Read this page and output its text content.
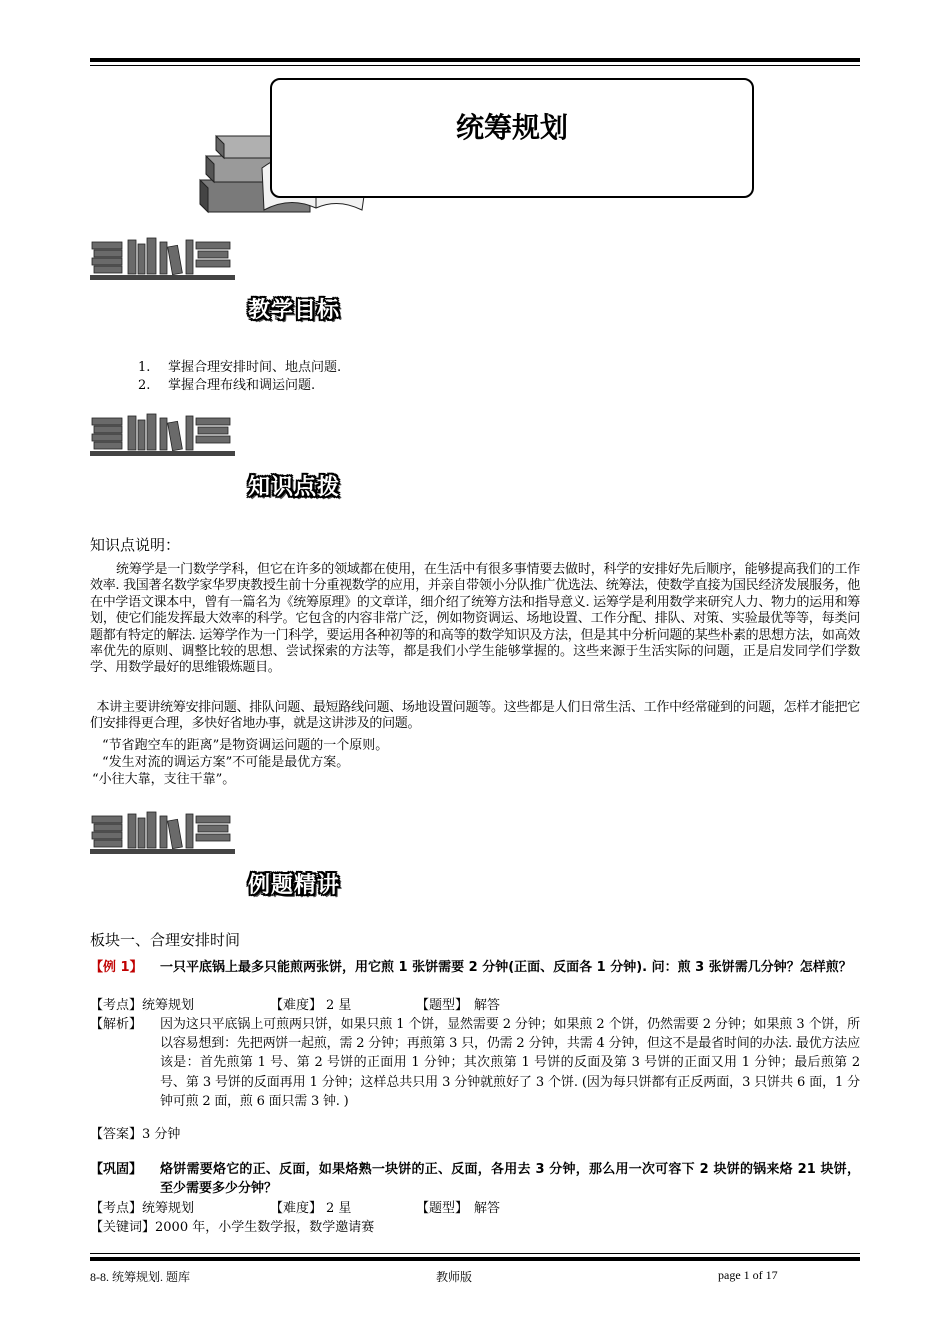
统筹规划
教学目标
1. 掌握合理安排时间、地点问题.
2. 掌握合理布线和调运问题.
知识点拨
知识点说明：
统筹学是一门数学学科，但它在许多的领域都在使用，在生活中有很多事情要去做时，科学的安排好先后顺序，能够提高我们的工作效率. 我国著名数学家华罗庚教授生前十分重视数学的应用，并亲自带领小分队推广优选法、统筹法，使数学直接为国民经济发展服务，他在中学语文课本中，曾有一篇名为《统筹原理》的文章详，细介绍了统筹方法和指导意义. 运筹学是利用数学来研究人力、物力的运用和筹划，使它们能发挥最大效率的科学。它包含的内容非常广泛，例如物资调运、场地设置、工作分配、排队、对策、实验最优等等，每类问题都有特定的解法. 运筹学作为一门科学，要运用各种初等的和高等的数学知识及方法，但是其中分析问题的某些朴素的思想方法，如高效率优先的原则、调整比较的思想、尝试探索的方法等，都是我们小学生能够掌握的。这些来源于生活实际的问题，正是启发同学们学数学、用数学最好的思维锻炼题目。
本讲主要讲统筹安排问题、排队问题、最短路线问题、场地设置问题等。这些都是人们日常生活、工作中经常碰到的问题，怎样才能把它们安排得更合理，多快好省地办事，就是这讲涉及的问题。
“节省跑空车的距离”是物资调运问题的一个原则。
“发生对流的调运方案”不可能是最优方案。
“小往大靠，支往干靠”。
例题精讲
板块一、合理安排时间
【例 1】 一只平底锅上最多只能煎两张饼，用它煎 1 张饼需要 2 分钟(正面、反面各 1 分钟). 问：煎 3 张饼需几分钟？怎样煎？
【考点】统筹规划	【难度】 2 星	【题型】 解答
【解析】 因为这只平底锅上可煎两只饼，如果只煎 1 个饼，显然需要 2 分钟；如果煎 2 个饼，仍然需要 2 分钟；如果煎 3 个饼，所以容易想到：先把两饼一起煎，需 2 分钟；再煎第 3 只，仍需 2 分钟，共需 4 分钟，但这不是最省时间的办法. 最优方法应该是：首先煎第 1 号、第 2 号饼的正面用 1 分钟；其次煎第 1 号饼的反面及第 3 号饼的正面又用 1 分钟；最后煎第 2 号、第 3 号饼的反面再用 1 分钟；这样总共只用 3 分钟就煎好了 3 个饼. (因为每只饼都有正反两面，3 只饼共 6 面，1 分钟可煎 2 面，煎 6 面只需 3 钟. )
【答案】3 分钟
【巩固】 烙饼需要烙它的正、反面，如果烙熟一块饼的正、反面，各用去 3 分钟，那么用一次可容下 2 块饼的锅来烙 21 块饼，至少需要多少分钟？
【考点】统筹规划	【难度】 2 星	【题型】 解答
【关键词】2000 年，小学生数学报，数学邀请赛
8-8. 统筹规划. 题库	教师版	page 1 of 17
